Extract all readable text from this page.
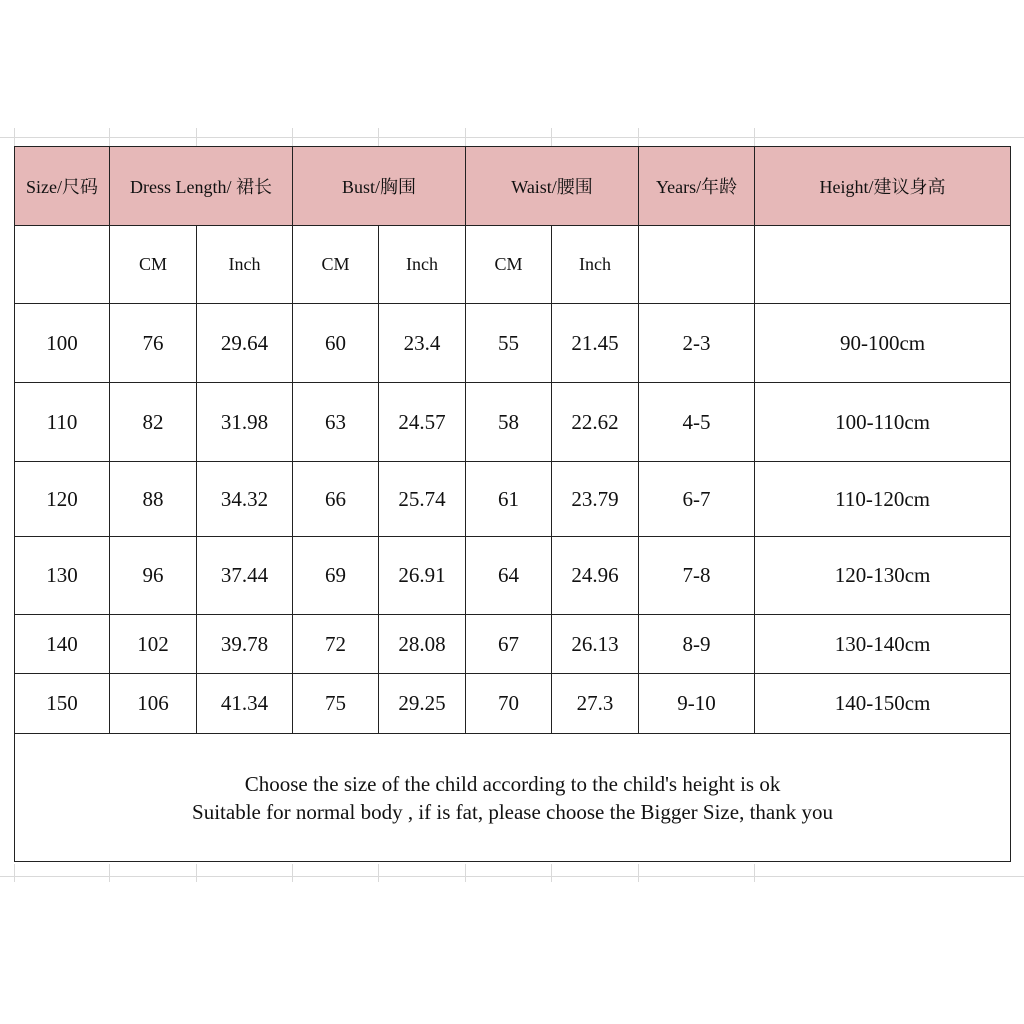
Size/尺码	Dress Length/ 裙长		Bust/胸围		Waist/腰围		Years/年龄	Height/建议身高
	CM	Inch	CM	Inch	CM	Inch		
100	76	29.64	60	23.4	55	21.45	2-3	90-100cm
110	82	31.98	63	24.57	58	22.62	4-5	100-110cm
120	88	34.32	66	25.74	61	23.79	6-7	110-120cm
130	96	37.44	69	26.91	64	24.96	7-8	120-130cm
140	102	39.78	72	28.08	67	26.13	8-9	130-140cm
150	106	41.34	75	29.25	70	27.3	9-10	140-150cm

Choose the size of the child according to the child's height is ok
Suitable for normal body , if is fat, please choose the Bigger Size, thank you								
